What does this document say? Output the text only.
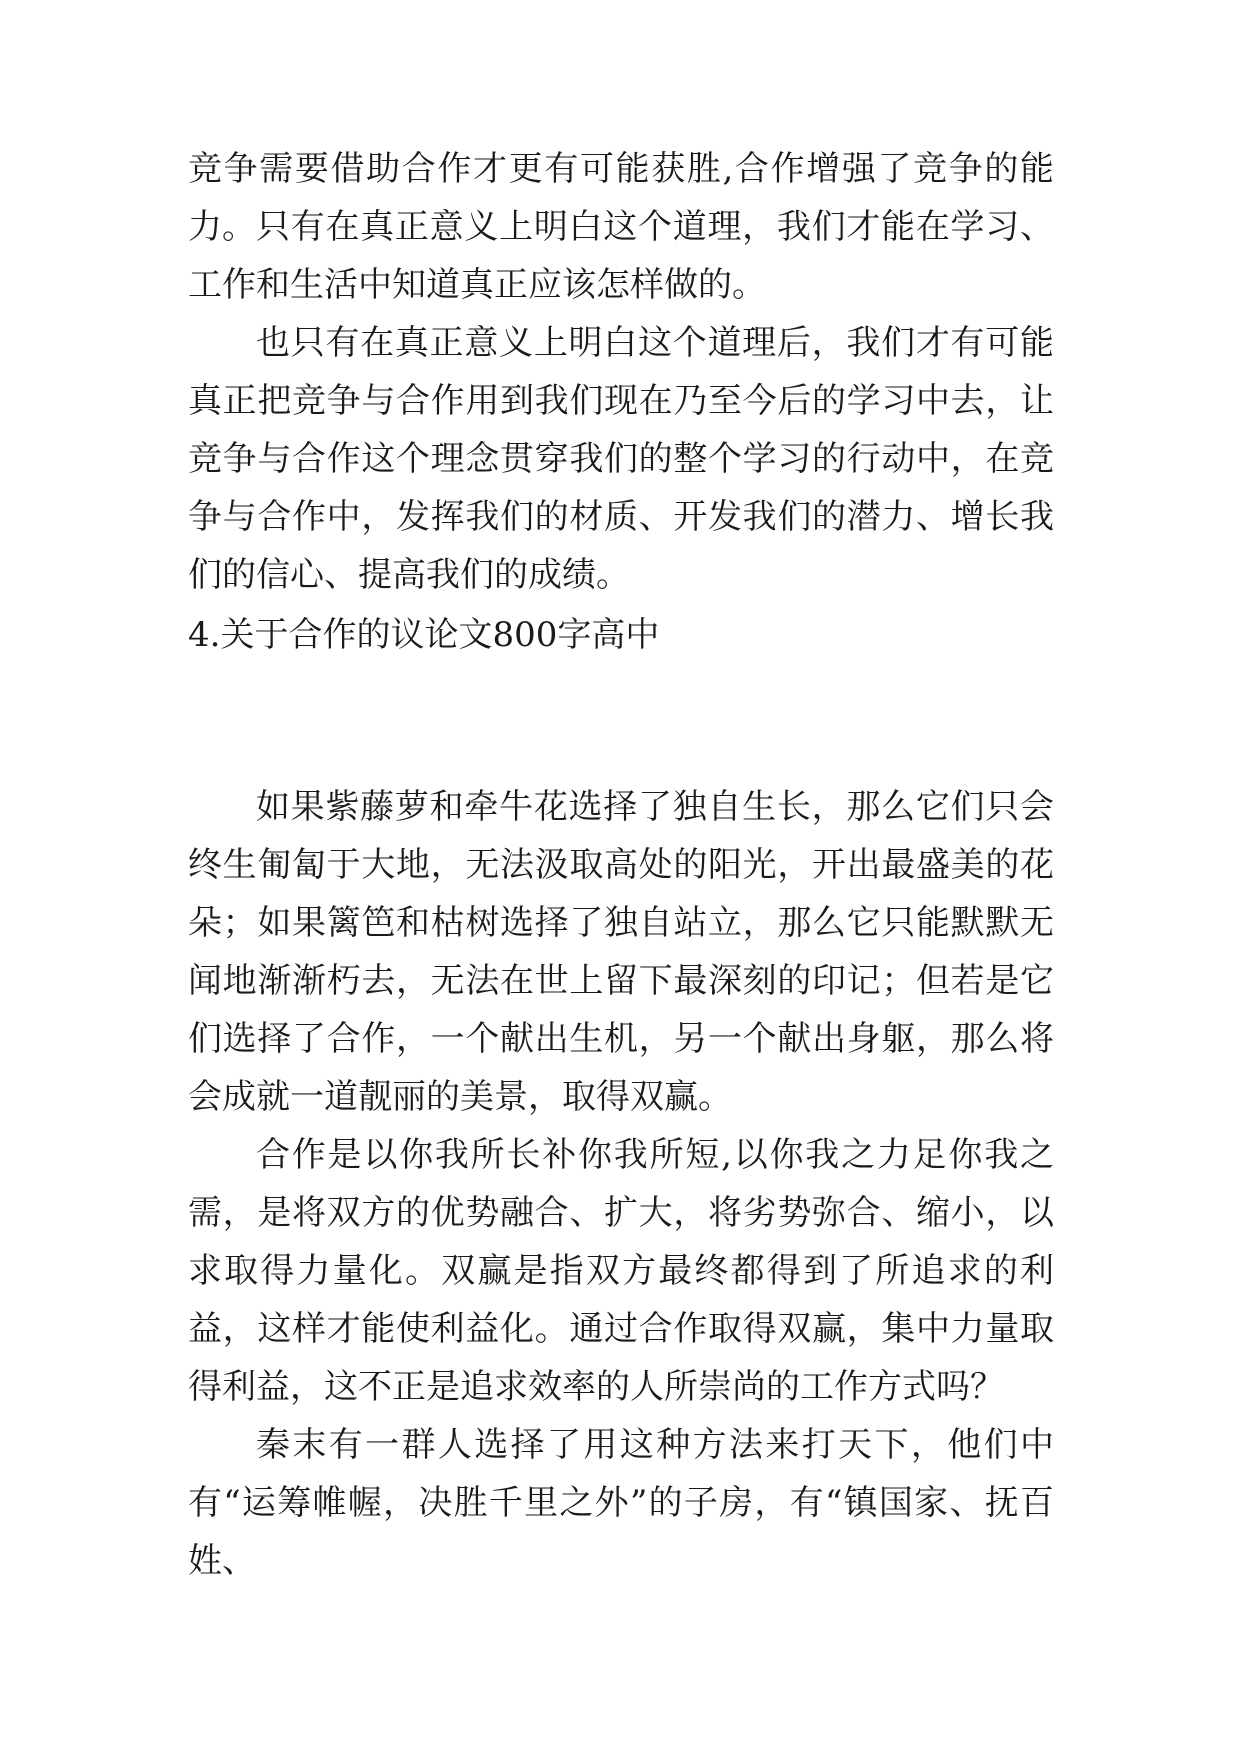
竞争需要借助合作才更有可能获胜,合作增强了竞争的能力。 只有在真正意义上明白这个道理，我们才能在学习、工作和生活中知道真正应该怎样做的。

也只有在真正意义上明白这个道理后，我们才有可能真正把竞争与合作用到我们现在乃至今后的学习中去，让竞争与合作这个理念贯穿我们的整个学习的行动中，在竞争与合作中，发挥我们的材质、开发我们的潜力、增长我们的信心、提高我们的成绩。

4.关于合作的议论文800字高中

如果紫藤萝和牵牛花选择了独自生长，那么它们只会终生匍匐于大地，无法汲取高处的阳光，开出最盛美的花朵；如果篱笆和枯树选择了独自站立，那么它只能默默无闻地渐渐朽去，无法在世上留下最深刻的印记；但若是它们选择了合作，一个献出生机，另一个献出身躯，那么将会成就一道靓丽的美景，取得双赢。

合作是以你我所长补你我所短,以你我之力足你我之需，是将双方的优势融合、扩大，将劣势弥合、缩小，以求取得力量化。双赢是指双方最终都得到了所追求的利益，这样才能使利益化。通过合作取得双赢，集中力量取得利益，这不正是追求效率的人所崇尚的工作方式吗？

秦末有一群人选择了用这种方法来打天下，他们中有“运筹帷幄，决胜千里之外”的子房，有“镇国家、抚百姓、
